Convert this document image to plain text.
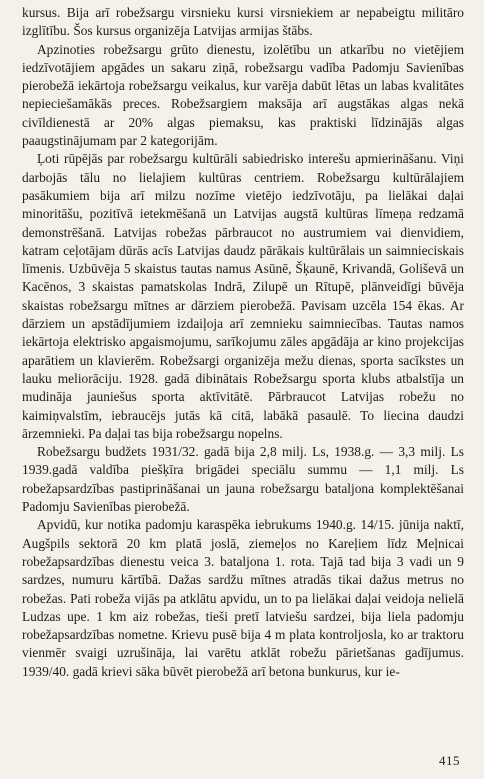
kursus. Bija arī robežsargu virsnieku kursi virsniekiem ar nepabeigtu militāro izglītību. Šos kursus organizēja Latvijas armijas štābs.

Apzinoties robežsargu grūto dienestu, izolētību un atkarību no vietējiem iedzīvotājiem apgādes un sakaru ziņā, robežsargu vadība Padomju Savienības pierobežā iekārtoja robežsargu veikalus, kur varēja dabūt lētas un labas kvalitātes nepieciešamākās preces. Robežsargiem maksāja arī augstākas algas nekā civīldienestā ar 20% algas piemaksu, kas praktiski līdzinājās algas paaugstinājumam par 2 kategorijām.

Ļoti rūpējās par robežsargu kultūrāli sabiedrisko interešu apmierināšanu. Viņi darbojās tālu no lielajiem kultūras centriem. Robežsargu kultūrālajiem pasākumiem bija arī milzu nozīme vietējo iedzīvotāju, pa lielākai daļai minoritāšu, pozitīvā ietekmēšanā un Latvijas augstā kultūras līmeņa redzamā demonstrēšanā. Latvijas robežas pārbraucot no austrumiem vai dienvidiem, katram ceļotājam dūrās acīs Latvijas daudz pārākais kultūrālais un saimnieciskais līmenis. Uzbūvēja 5 skaistus tautas namus Asūnē, Šķaunē, Krivandā, Goliševā un Kacēnos, 3 skaistas pamatskolas Indrā, Zilupē un Rītupē, plānveidīgi būvēja skaistas robežsargu mītnes ar dārziem pierobežā. Pavisam uzcēla 154 ēkas. Ar dārziem un apstādījumiem izdaiļoja arī zemnieku saimniecības. Tautas namos iekārtoja elektrisko apgaismojumu, sarīkojumu zāles apgādāja ar kino projekcijas aparātiem un klavierēm. Robežsargi organizēja mežu dienas, sporta sacīkstes un lauku meliorāciju. 1928. gadā dibinātais Robežsargu sporta klubs atbalstīja un mudināja jauniešus sporta aktīvitātē. Pārbraucot Latvijas robežu no kaimiņvalstīm, iebraucējs jutās kā citā, labākā pasaulē. To liecina daudzi ārzemnieki. Pa daļai tas bija robežsargu nopelns.

Robežsargu budžets 1931/32. gadā bija 2,8 milj. Ls, 1938.g. — 3,3 milj. Ls 1939.gadā valdība piešķīra brigādei speciālu summu — 1,1 milj. Ls robežapsardzības pastiprināšanai un jauna robežsargu bataljona komplektēšanai Padomju Savienības pierobežā.

Apvidū, kur notika padomju karaspēka iebrukums 1940.g. 14/15. jūnija naktī, Augšpils sektorā 20 km platā joslā, ziemeļos no Kareļiem līdz Meļnicai robežapsardzības dienestu veica 3. bataljona 1. rota. Tajā tad bija 3 vadi un 9 sardzes, numuru kārtībā. Dažas sardžu mītnes atradās tikai dažus metrus no robežas. Pati robeža vijās pa atklātu apvidu, un to pa lielākai daļai veidoja nelielā Ludzas upe. 1 km aiz robežas, tieši pretī latviešu sardzei, bija liela padomju robežapsardzības nometne. Krievu pusē bija 4 m plata kontroljosla, ko ar traktoru vienmēr svaigi uzrušināja, lai varētu atklāt robežu pārietšanas gadījumus. 1939/40. gadā krievi sāka būvēt pierobežā arī betona bunkurus, kur ie-

415
